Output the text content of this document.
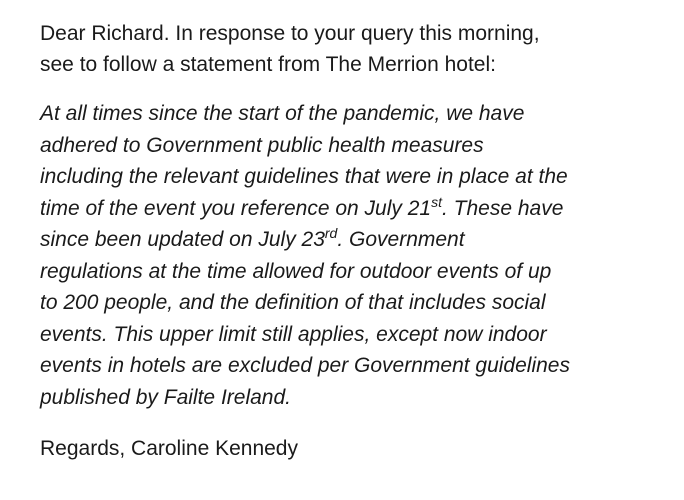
Dear Richard. In response to your query this morning,
see to follow a statement from The Merrion hotel:

At all times since the start of the pandemic, we have
adhered to Government public health measures
including the relevant guidelines that were in place at the
time of the event you reference on July 21st. These have
since been updated on July 23rd. Government
regulations at the time allowed for outdoor events of up
to 200 people, and the definition of that includes social
events. This upper limit still applies, except now indoor
events in hotels are excluded per Government guidelines
published by Failte Ireland.

Regards, Caroline Kennedy
